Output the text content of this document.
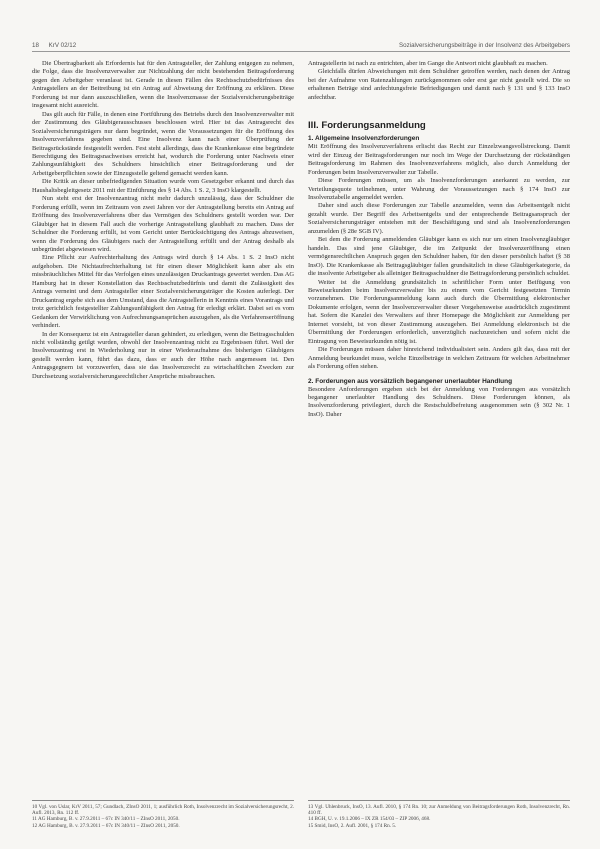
18 KrV 02/12	Sozialversicherungsbeiträge in der Insolvenz des Arbeitgebers

Die Übertragbarkeit als Erfordernis hat für den Antragsteller, der Zahlung entgegen zu nehmen, die Folge, dass die Insolvenzverwalter zur Nichtzahlung der nicht bestehenden Beitragsforderung gegen den Arbeitgeber veranlasst ist. Gerade in diesen Fällen des Rechtsschutzbedürfnisses des Antragstellers an der Beitreibung ist ein Antrag auf Abweisung der Eröffnung zu erklären. Diese Forderung ist nur dann auszuschließen, wenn die Insolvenzmasse der Sozialversicherungsbeiträge insgesamt nicht ausreicht.

Das gilt auch für Fälle, in denen eine Fortführung des Betriebs durch den Insolvenzverwalter mit der Zustimmung des Gläubigerausschusses beschlossen wird. Hier ist das Antragsrecht des Sozialversicherungsträgers nur dann begründet, wenn die Voraussetzungen für die Eröffnung des Insolvenzverfahrens gegeben sind. Eine Insolvenz kann nach einer Überprüfung der Beitragsrückstände festgestellt werden. Fest steht allerdings, dass die Krankenkasse eine begründete Berechtigung des Beitragsnachweises erreicht hat, wodurch die Forderung unter Nachweis einer Zahlungsunfähigkeit des Schuldners hinsichtlich einer Beitragsforderung und der Arbeitgeberpflichten sowie der Einzugsstelle geltend gemacht werden kann.

Die Kritik an dieser unbefriedigenden Situation wurde vom Gesetzgeber erkannt und durch das Haushaltsbegleitgesetz 2011 mit der Einführung des § 14 Abs. 1 S. 2, 3 InsO klargestellt.

Nun steht erst der Insolvenzantrag nicht mehr dadurch unzulässig, dass der Schuldner die Forderung erfüllt, wenn im Zeitraum von zwei Jahren vor der Antragstellung bereits ein Antrag auf Eröffnung des Insolvenzverfahrens über das Vermögen des Schuldners gestellt worden war. Der Gläubiger hat in diesem Fall auch die vorherige Antragsstellung glaubhaft zu machen. Dass der Schuldner die Forderung erfüllt, ist vom Gericht unter Berücksichtigung des Antrags abzuweisen, wenn die Forderung des Gläubigers nach der Antragstellung erfüllt und der Antrag deshalb als unbegründet abgewiesen wird.

Eine Pflicht zur Aufrechterhaltung des Antrags wird durch § 14 Abs. 1 S. 2 InsO nicht aufgehoben. Die Nichtaufrechterhaltung ist für einen dieser Möglichkeit kann aber als ein missbräuchliches Mittel für das Verfolgen eines unzulässigen Druckantrags gewertet werden. Das AG Hamburg hat in dieser Konstellation das Rechtsschutzbedürfnis und damit die Zulässigkeit des Antrags verneint und dem Antragsteller einer Sozialversicherungsträger die Kosten auferlegt. Der Druckantrag ergebe sich aus dem Umstand, dass die Antragstellerin in Kenntnis eines Vorantrags und trotz gerichtlich festgestellter Zahlungsunfähigkeit den Antrag für erledigt erklärt. Dabei sei es vom Gedanken der Verwirklichung von Aufrechnungsansprüchen auszugehen, als die Verfahrenseröffnung verhindert.

In der Konsequenz ist ein Antragsteller daran gehindert, zu erledigen, wenn die Beitragsschulden nicht vollständig getilgt wurden, obwohl der Insolvenzantrag nicht zu Ergebnissen führt. Weil der Insolvenzantrag erst in Wiederholung nur in einer Wiederaufnahme des bisherigen Gläubigers gestellt werden kann, führt das dazu, dass er auch der Höhe nach angemessen ist. Den Antragsgegnern ist vorzuwerfen, dass sie das Insolvenzrecht zu wirtschaftlichen Zwecken zur Durchsetzung sozialversicherungsrechtlicher Ansprüche missbrauchen.

Antragstellerin ist nach zu entrichten, aber im Gange die Antwort nicht glaubhaft zu machen.

Gleichfalls dürfen Abweichungen mit dem Schuldner getroffen werden, nach denen der Antrag bei der Aufnahme von Ratenzahlungen zurückgenommen oder erst gar nicht gestellt wird. Die so erhaltenen Beträge sind anfechtungsfreie Befriedigungen und damit nach § 131 und § 133 InsO anfechtbar.

III. Forderungsanmeldung
1. Allgemeine Insolvenzforderungen

Mit Eröffnung des Insolvenzverfahrens erlischt das Recht zur Einzelzwangsvollstreckung. Damit wird der Einzug der Beitragsforderungen nur noch im Wege der Durchsetzung der rückständigen Beitragsforderung im Rahmen des Insolvenzverfahrens möglich, also durch Anmeldung der Forderungen beim Insolvenzverwalter zur Tabelle.

Diese Forderungen müssen, um als Insolvenzforderungen anerkannt zu werden, zur Verteilungsquote teilnehmen, unter Wahrung der Voraussetzungen nach § 174 InsO zur Insolvenztabelle angemeldet werden.

Daher sind auch diese Forderungen zur Tabelle anzumelden, wenn das Arbeitsentgelt nicht gezahlt wurde. Der Begriff des Arbeitsentgelts und der entsprechende Beitragsanspruch der Sozialversicherungsträger entstehen mit der Beschäftigung und sind als Insolvenzforderungen anzumelden (§ 28e SGB IV).

Bei dem die Forderung anmeldenden Gläubiger kann es sich nur um einen Insolvenzgläubiger handeln. Das sind jene Gläubiger, die im Zeitpunkt der Insolvenzeröffnung einen vermögensrechtlichen Anspruch gegen den Schuldner haben, für den dieser persönlich haftet (§ 38 InsO). Die Krankenkasse als Beitragsgläubiger fallen grundsätzlich in diese Gläubigerkategorie, da die insolvente Arbeitgeber als alleiniger Beitragsschuldner die Beitragsforderung persönlich schuldet.

Weiter ist die Anmeldung grundsätzlich in schriftlicher Form unter Beifügung von Beweisurkunden beim Insolvenzverwalter bis zu einem vom Gericht festgesetzten Termin vorzunehmen. Die Forderungsanmeldung kann auch durch die Übermittlung elektronischer Dokumente erfolgen, wenn der Insolvenzverwalter dieser Vorgehensweise ausdrücklich zugestimmt hat. Sofern die Kanzlei des Verwalters auf ihrer Homepage die Möglichkeit zur Anmeldung per Internet vorsieht, ist von dieser Zustimmung auszugehen. Bei Anmeldung elektronisch ist die Übermittlung der Forderungen erforderlich, unverzüglich nachzureichen und sofern nicht die Eintragung von Beweisurkunden nötig ist.

Die Forderungen müssen daher hinreichend individualisiert sein. Anders gilt das, dass mit der Anmeldung beurkundet muss, welche Einzelbeträge in welchen Zeitraum für welchen Arbeitnehmer als Forderung offen stehen.

2. Forderungen aus vorsätzlich begangener unerlaubter Handlung

Besondere Anforderungen ergeben sich bei der Anmeldung von Forderungen aus vorsätzlich begangener unerlaubter Handlung des Schuldners. Diese Forderungen können, als Insolvenzforderung privilegiert, durch die Restschuldbefreiung ausgenommen sein (§ 302 Nr. 1 InsO). Daher

10 Vgl. von Uslar, KrV 2011, 57; Gundlach, ZInsO 2011, 1; ausführlich Roth, Insolvenzrecht im Sozialversicherungsrecht, 2. Aufl. 2013, Rn. 112 ff.

11 AG Hamburg, B. v. 27.9.2011 – 67c IN 340/11 – ZInsO 2011, 2050.

12 AG Hamburg, B. v. 27.9.2011 – 67c IN 340/11 – ZInsO 2011, 2050.

13 Vgl. Uhlenbruck, InsO, 13. Aufl. 2010, § 174 Rn. 10; zur Anmeldung von Beitragsforderungen Roth, Insolvenzrecht, Rn. 410 ff.

14 BGH, U. v. 19.1.2006 – IX ZR 154/03 – ZIP 2006, 468.

15 Smid, InsO, 2. Aufl. 2001, § 174 Rn. 5.
